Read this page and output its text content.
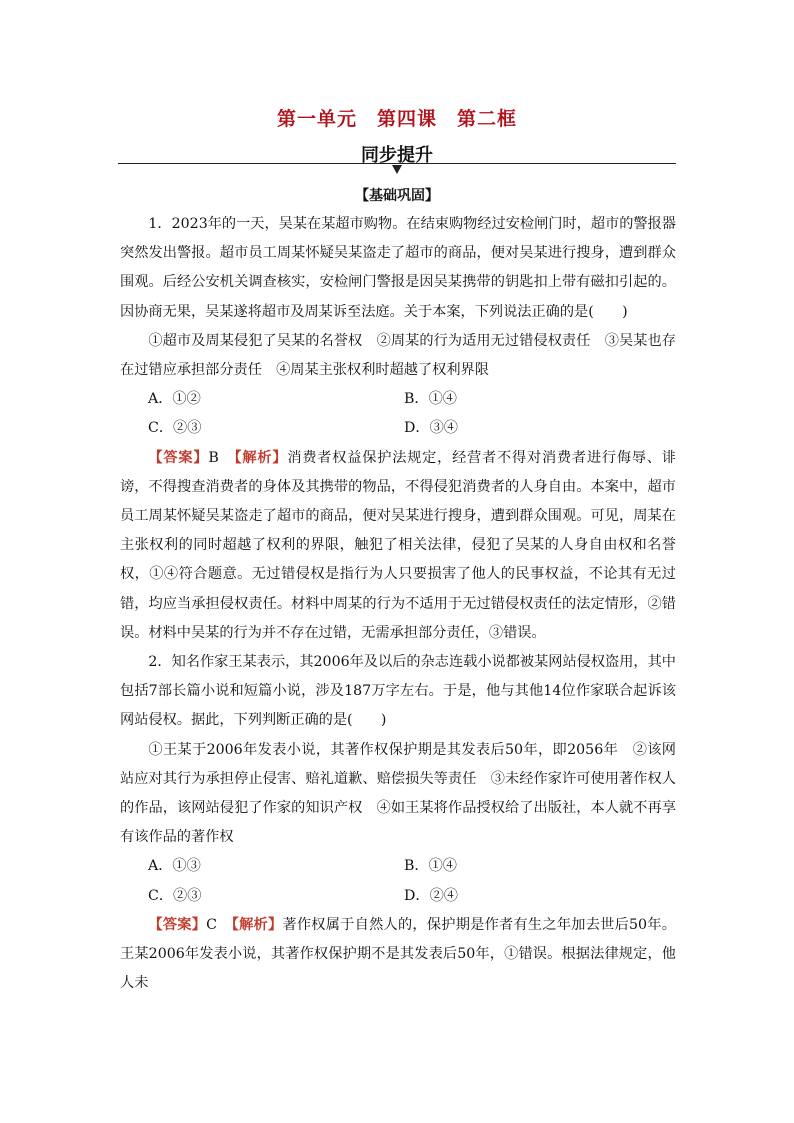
第一单元　第四课　第二框
同步提升
【基础巩固】

1．2023年的一天，吴某在某超市购物。在结束购物经过安检闸门时，超市的警报器突然发出警报。超市员工周某怀疑吴某盗走了超市的商品，便对吴某进行搜身，遭到群众围观。后经公安机关调查核实，安检闸门警报是因吴某携带的钥匙扣上带有磁扣引起的。因协商无果，吴某遂将超市及周某诉至法庭。关于本案，下列说法正确的是(　　)

①超市及周某侵犯了吴某的名誉权　②周某的行为适用无过错侵权责任　③吴某也存在过错应承担部分责任　④周某主张权利时超越了权利界限

A．①②	B．①④
C．②③	D．③④

【答案】B　 【解析】消费者权益保护法规定，经营者不得对消费者进行侮辱、诽谤，不得搜查消费者的身体及其携带的物品，不得侵犯消费者的人身自由。本案中，超市员工周某怀疑吴某盗走了超市的商品，便对吴某进行搜身，遭到群众围观。可见，周某在主张权利的同时超越了权利的界限，触犯了相关法律，侵犯了吴某的人身自由权和名誉权，①④符合题意。无过错侵权是指行为人只要损害了他人的民事权益，不论其有无过错，均应当承担侵权责任。材料中周某的行为不适用于无过错侵权责任的法定情形，②错误。材料中吴某的行为并不存在过错，无需承担部分责任，③错误。

2．知名作家王某表示，其2006年及以后的杂志连载小说都被某网站侵权盗用，其中包括7部长篇小说和短篇小说，涉及187万字左右。于是，他与其他14位作家联合起诉该网站侵权。据此，下列判断正确的是(　　)

①王某于2006年发表小说，其著作权保护期是其发表后50年，即2056年　②该网站应对其行为承担停止侵害、赔礼道歉、赔偿损失等责任　③未经作家许可使用著作权人的作品，该网站侵犯了作家的知识产权　④如王某将作品授权给了出版社，本人就不再享有该作品的著作权

A．①③	B．①④
C．②③	D．②④

【答案】C　 【解析】著作权属于自然人的，保护期是作者有生之年加去世后50年。王某2006年发表小说，其著作权保护期不是其发表后50年，①错误。根据法律规定，他人未
